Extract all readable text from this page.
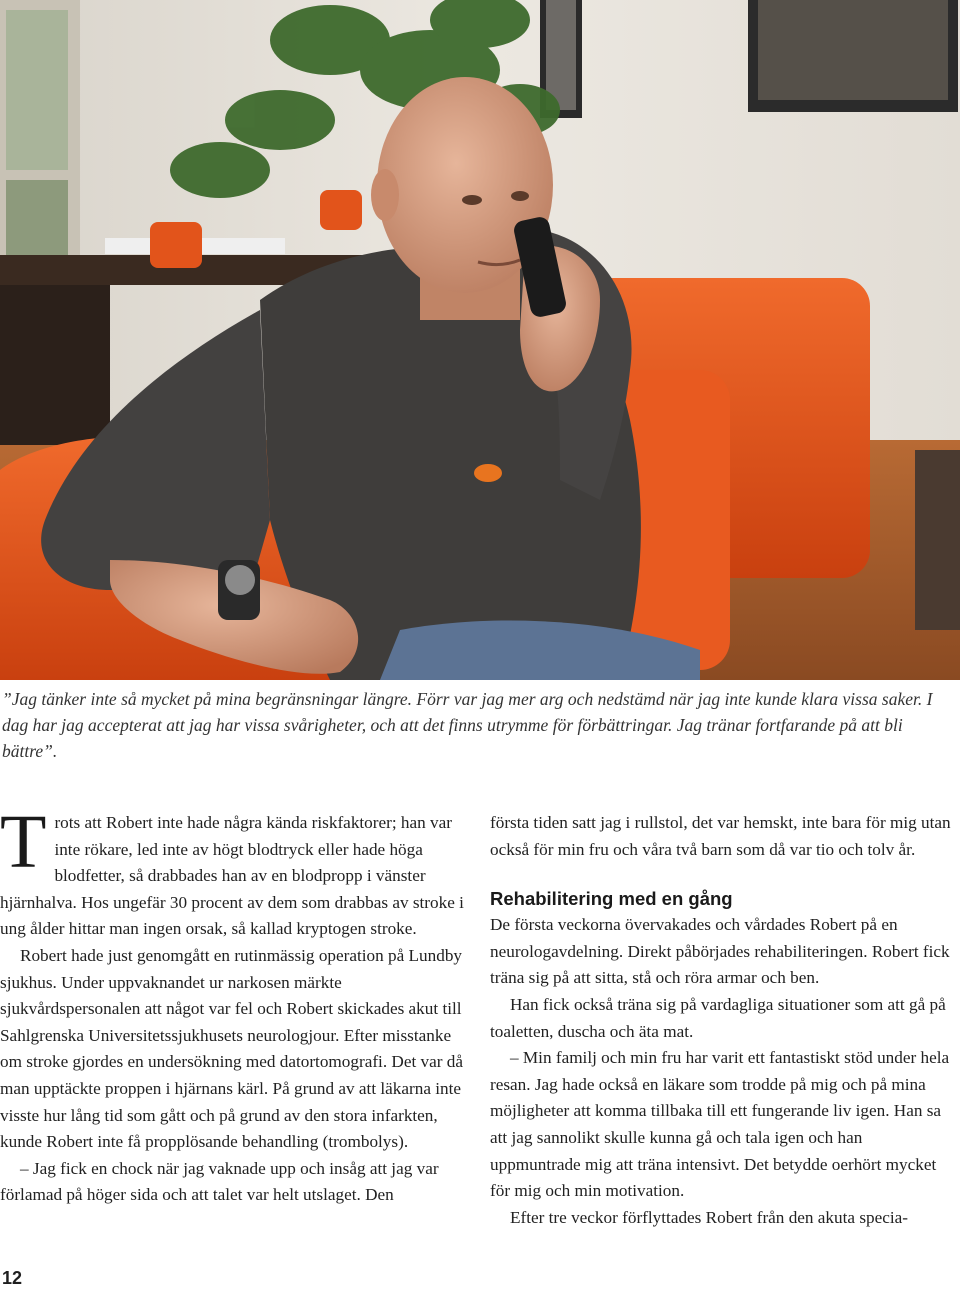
”Jag tänker inte så mycket på mina begränsningar längre. Förr var jag mer arg och nedstämd när jag inte kunde klara vissa saker. I dag har jag accepterat att jag har vissa svårigheter, och att det finns utrymme för förbättringar. Jag tränar fortfarande på att bli bättre”.

Trots att Robert inte hade några kända riskfaktorer; han var inte rökare, led inte av högt blodtryck eller hade höga blodfetter, så drabbades han av en blodpropp i vänster hjärnhalva. Hos ungefär 30 procent av dem som drabbas av stroke i ung ålder hittar man ingen orsak, så kallad kryptogen stroke.

Robert hade just genomgått en rutinmässig operation på Lundby sjukhus. Under uppvaknandet ur narkosen märkte sjukvårdspersonalen att något var fel och Robert skickades akut till Sahlgrenska Universitetssjukhusets neurologjour. Efter misstanke om stroke gjordes en undersökning med datortomografi. Det var då man upptäckte proppen i hjärnans kärl. På grund av att läkarna inte visste hur lång tid som gått och på grund av den stora infarkten, kunde Robert inte få propplösande behandling (trombolys).

– Jag fick en chock när jag vaknade upp och insåg att jag var förlamad på höger sida och att talet var helt utslaget. Den

första tiden satt jag i rullstol, det var hemskt, inte bara för mig utan också för min fru och våra två barn som då var tio och tolv år.

Rehabilitering med en gång

De första veckorna övervakades och vårdades Robert på en neurologavdelning. Direkt påbörjades rehabiliteringen. Robert fick träna sig på att sitta, stå och röra armar och ben.

Han fick också träna sig på vardagliga situationer som att gå på toaletten, duscha och äta mat.

– Min familj och min fru har varit ett fantastiskt stöd under hela resan. Jag hade också en läkare som trodde på mig och på mina möjligheter att komma tillbaka till ett fungerande liv igen. Han sa att jag sannolikt skulle kunna gå och tala igen och han uppmuntrade mig att träna intensivt. Det betydde oerhört mycket för mig och min motivation.

Efter tre veckor förflyttades Robert från den akuta specia-

12
